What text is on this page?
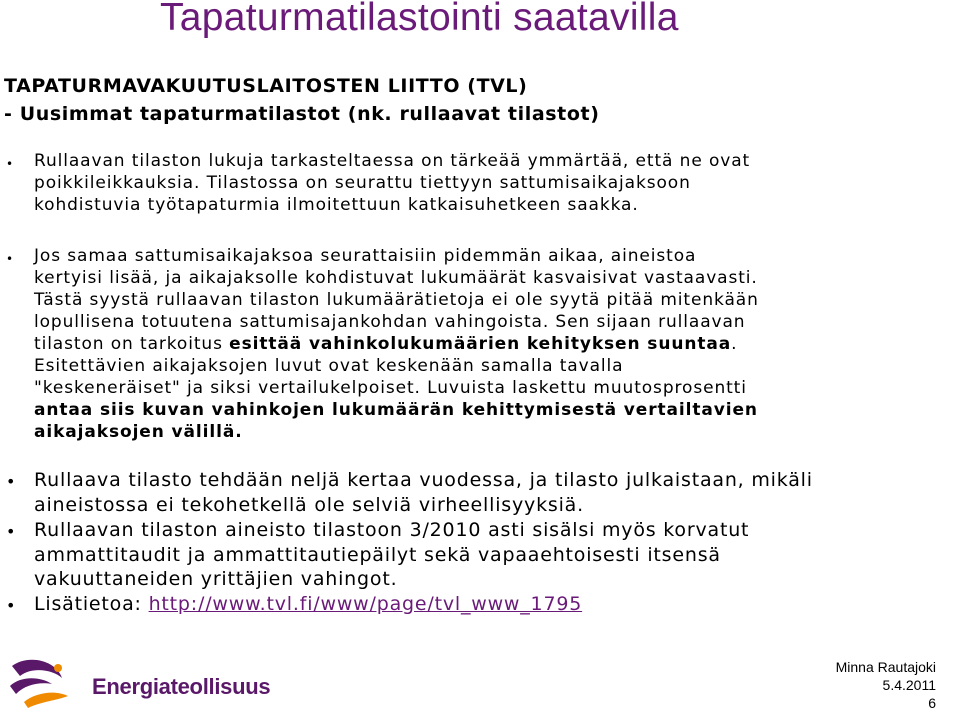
Tapaturmatilastointi saatavilla
TAPATURMAVAKUUTUSLAITOSTEN LIITTO (TVL)
- Uusimmat tapaturmatilastot (nk. rullaavat tilastot)
• Rullaavan tilaston lukuja tarkasteltaessa on tärkeää ymmärtää, että ne ovat
poikkileikkauksia. Tilastossa on seurattu tiettyyn sattumisaikajaksoon
kohdistuvia työtapaturmia ilmoitettuun katkaisuhetkeen saakka.
• Jos samaa sattumisaikajaksoa seurattaisiin pidemmän aikaa, aineistoa
kertyisi lisää, ja aikajaksolle kohdistuvat lukumäärät kasvaisivat vastaavasti.
Tästä syystä rullaavan tilaston lukumäärätietoja ei ole syytä pitää mitenkään
lopullisena totuutena sattumisajankohdan vahingoista. Sen sijaan rullaavan
tilaston on tarkoitus esittää vahinkolukumäärien kehityksen suuntaa.
Esitettävien aikajaksojen luvut ovat keskenään samalla tavalla
"keskeneräiset" ja siksi vertailukelpoiset. Luvuista laskettu muutosprosentti
antaa siis kuvan vahinkojen lukumäärän kehittymisestä vertailtavien
aikajaksojen välillä.
• Rullaava tilasto tehdään neljä kertaa vuodessa, ja tilasto julkaistaan, mikäli
aineistossa ei tekohetkellä ole selviä virheellisyyksiä.
• Rullaavan tilaston aineisto tilastoon 3/2010 asti sisälsi myös korvatut
ammattitaudit ja ammattitautiepäilyt sekä vapaaehtoisesti itsensä
vakuuttaneiden yrittäjien vahingot.
• Lisätietoa: http://www.tvl.fi/www/page/tvl_www_1795
Energiateollisuus
Minna Rautajoki
5.4.2011
6
